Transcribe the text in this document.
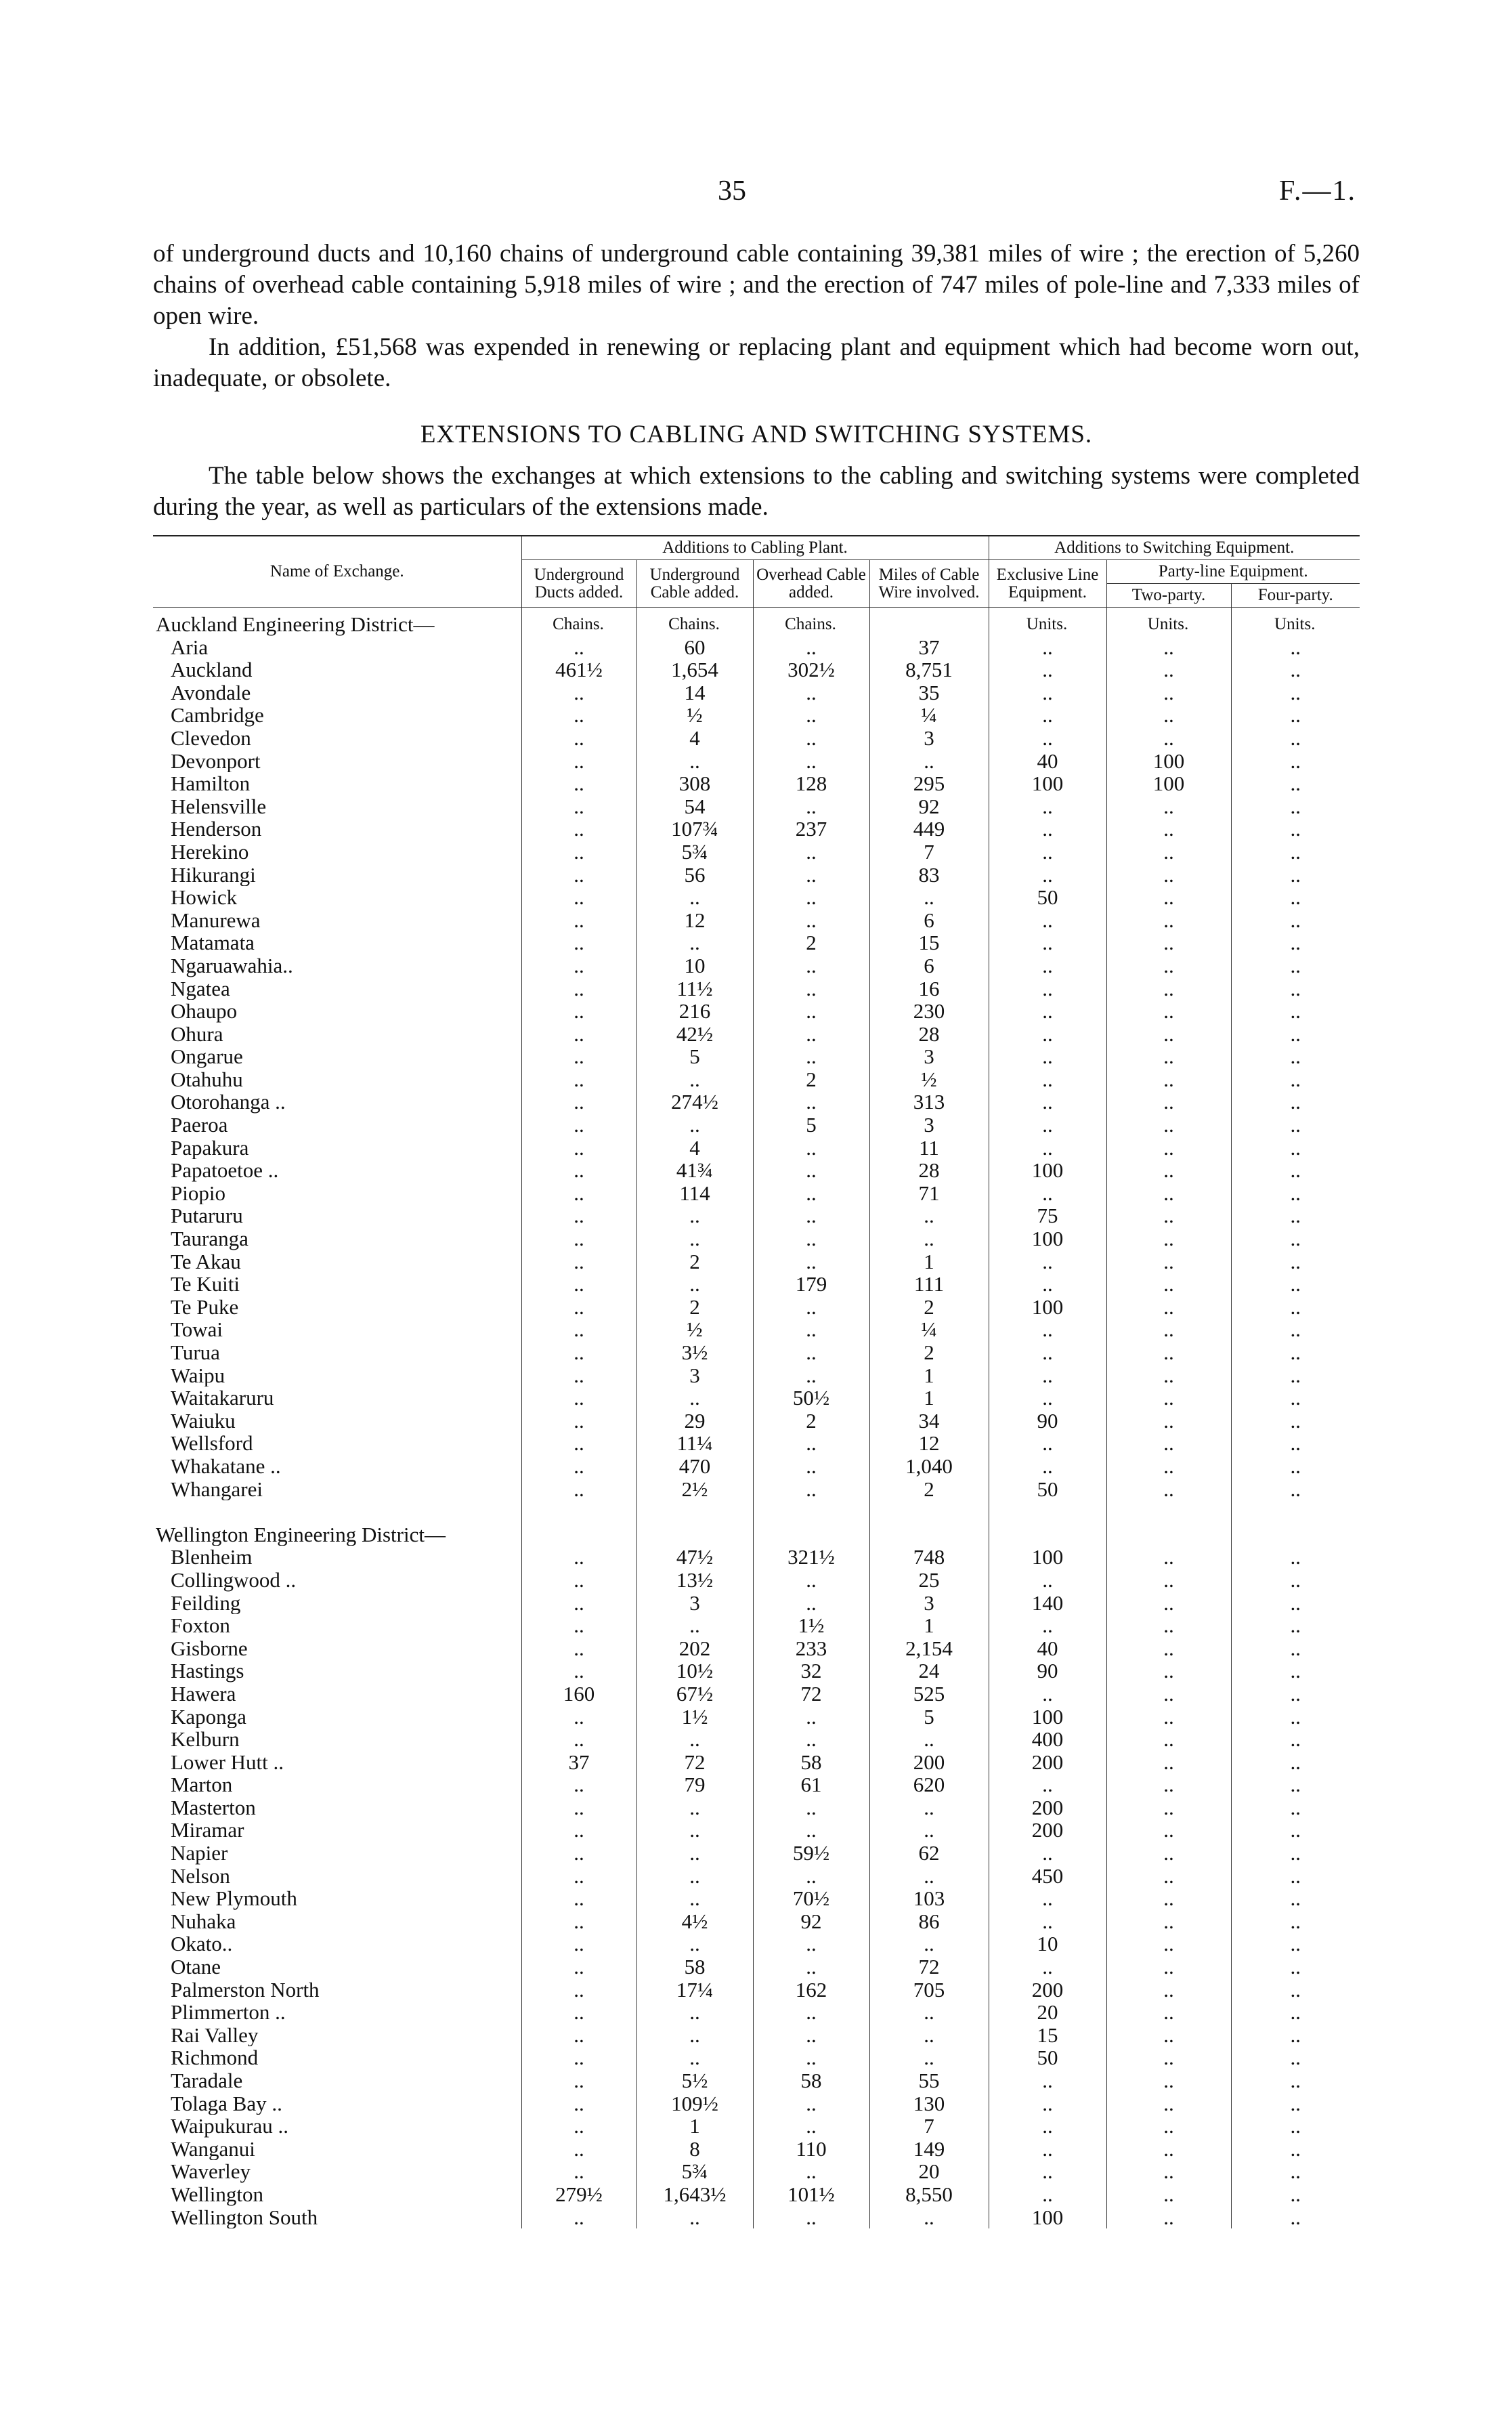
35	F.—1.

of underground ducts and 10,160 chains of underground cable containing 39,381 miles of wire ; the erection of 5,260 chains of overhead cable containing 5,918 miles of wire ; and the erection of 747 miles of pole-line and 7,333 miles of open wire.

In addition, £51,568 was expended in renewing or replacing plant and equipment which had become worn out, inadequate, or obsolete.

EXTENSIONS TO CABLING AND SWITCHING SYSTEMS.
The table below shows the exchanges at which extensions to the cabling and switching systems were completed during the year, as well as particulars of the extensions made.
Name of Exchange.	Additions to Cabling Plant.				Additions to Switching Equipment.		
	Underground Ducts added.	Underground Cable added.	Overhead Cable added.	Miles of Cable Wire involved.	Exclusive Line Equipment.	Party-line Equipment.	
						Two-party.	Four-party.
Auckland Engineering District—	Chains.	Chains.	Chains.		Units.	Units.	Units.
Aria	..	60	..	37	..	..	..
Auckland	461½	1,654	302½	8,751	..	..	..
Avondale	..	14	..	35	..	..	..
Cambridge	..	½	..	¼	..	..	..
Clevedon	..	4	..	3	..	..	..
Devonport	..	..	..	..	40	100	..
Hamilton	..	308	128	295	100	100	..
Helensville	..	54	..	92	..	..	..
Henderson	..	107¾	237	449	..	..	..
Herekino	..	5¾	..	7	..	..	..
Hikurangi	..	56	..	83	..	..	..
Howick	..	..	..	..	50	..	..
Manurewa	..	12	..	6	..	..	..
Matamata	..	..	2	15	..	..	..
Ngaruawahia..	..	10	..	6	..	..	..
Ngatea	..	11½	..	16	..	..	..
Ohaupo	..	216	..	230	..	..	..
Ohura	..	42½	..	28	..	..	..
Ongarue	..	5	..	3	..	..	..
Otahuhu	..	..	2	½	..	..	..
Otorohanga ..	..	274½	..	313	..	..	..
Paeroa	..	..	5	3	..	..	..
Papakura	..	4	..	11	..	..	..
Papatoetoe ..	..	41¾	..	28	100	..	..
Piopio	..	114	..	71	..	..	..
Putaruru	..	..	..	..	75	..	..
Tauranga	..	..	..	..	100	..	..
Te Akau	..	2	..	1	..	..	..
Te Kuiti	..	..	179	111	..	..	..
Te Puke	..	2	..	2	100	..	..
Towai	..	½	..	¼	..	..	..
Turua	..	3½	..	2	..	..	..
Waipu	..	3	..	1	..	..	..
Waitakaruru	..	..	50½	1	..	..	..
Waiuku	..	29	2	34	90	..	..
Wellsford	..	11¼	..	12	..	..	..
Whakatane ..	..	470	..	1,040	..	..	..
Whangarei	..	2½	..	2	50	..	..

Wellington Engineering District—							
Blenheim	..	47½	321½	748	100	..	..
Collingwood ..	..	13½	..	25	..	..	..
Feilding	..	3	..	3	140	..	..
Foxton	..	..	1½	1	..	..	..
Gisborne	..	202	233	2,154	40	..	..
Hastings	..	10½	32	24	90	..	..
Hawera	160	67½	72	525	..	..	..
Kaponga	..	1½	..	5	100	..	..
Kelburn	..	..	..	..	400	..	..
Lower Hutt ..	37	72	58	200	200	..	..
Marton	..	79	61	620	..	..	..
Masterton	..	..	..	..	200	..	..
Miramar	..	..	..	..	200	..	..
Napier	..	..	59½	62	..	..	..
Nelson	..	..	..	..	450	..	..
New Plymouth	..	..	70½	103	..	..	..
Nuhaka	..	4½	92	86	..	..	..
Okato..	..	..	..	..	10	..	..
Otane	..	58	..	72	..	..	..
Palmerston North	..	17¼	162	705	200	..	..
Plimmerton ..	..	..	..	..	20	..	..
Rai Valley	..	..	..	..	15	..	..
Richmond	..	..	..	..	50	..	..
Taradale	..	5½	58	55	..	..	..
Tolaga Bay ..	..	109½	..	130	..	..	..
Waipukurau ..	..	1	..	7	..	..	..
Wanganui	..	8	110	149	..	..	..
Waverley	..	5¾	..	20	..	..	..
Wellington	279½	1,643½	101½	8,550	..	..	..
Wellington South	..	..	..	..	100	..	..
